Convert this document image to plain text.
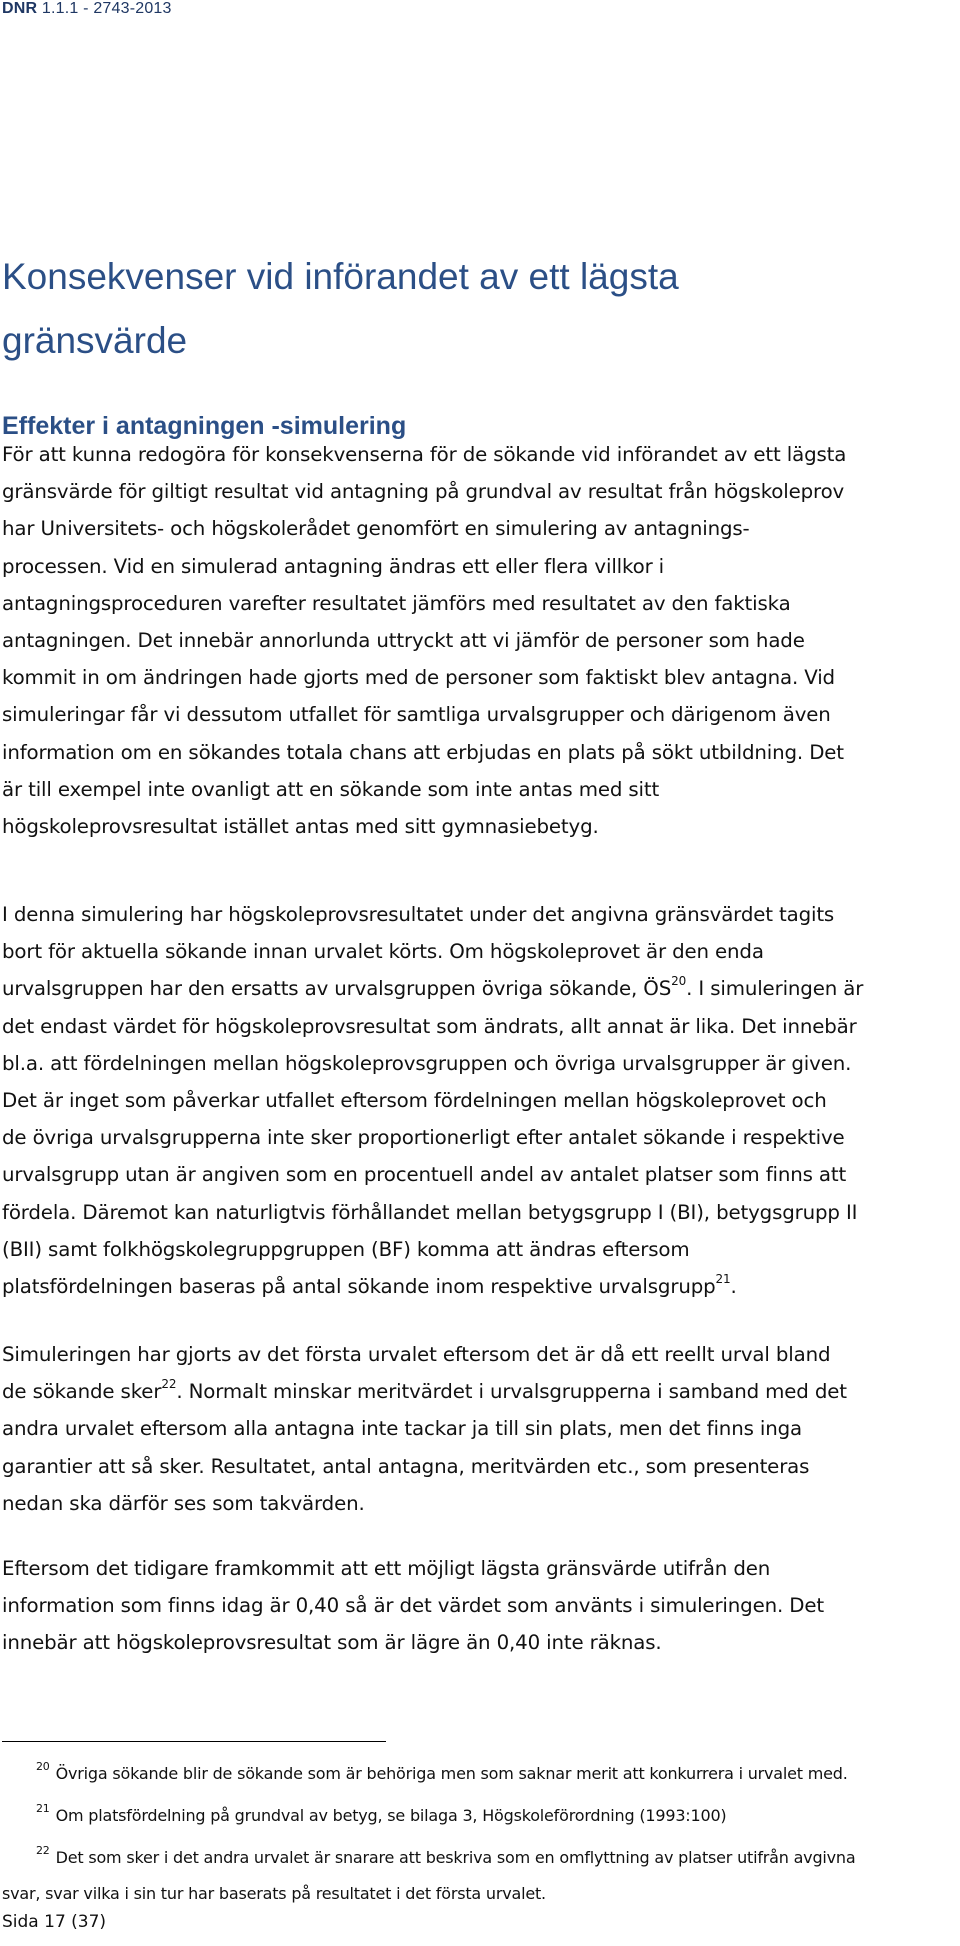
DNR 1.1.1 - 2743-2013
Konsekvenser vid införandet av ett lägsta
gränsvärde
Effekter i antagningen -simulering
För att kunna redogöra för konsekvenserna för de sökande vid införandet av ett lägsta
gränsvärde för giltigt resultat vid antagning på grundval av resultat från högskoleprov
har Universitets- och högskolerådet genomfört en simulering av antagnings-
processen. Vid en simulerad antagning ändras ett eller flera villkor i
antagningsproceduren varefter resultatet jämförs med resultatet av den faktiska
antagningen. Det innebär annorlunda uttryckt att vi jämför de personer som hade
kommit in om ändringen hade gjorts med de personer som faktiskt blev antagna. Vid
simuleringar får vi dessutom utfallet för samtliga urvalsgrupper och därigenom även
information om en sökandes totala chans att erbjudas en plats på sökt utbildning. Det
är till exempel inte ovanligt att en sökande som inte antas med sitt
högskoleprovsresultat istället antas med sitt gymnasiebetyg.
I denna simulering har högskoleprovsresultatet under det angivna gränsvärdet tagits
bort för aktuella sökande innan urvalet körts. Om högskoleprovet är den enda
urvalsgruppen har den ersatts av urvalsgruppen övriga sökande, ÖS$^{20}$. I simuleringen är
det endast värdet för högskoleprovsresultat som ändrats, allt annat är lika. Det innebär
bl.a. att fördelningen mellan högskoleprovsgruppen och övriga urvalsgrupper är given.
Det är inget som påverkar utfallet eftersom fördelningen mellan högskoleprovet och
de övriga urvalsgrupperna inte sker proportionerligt efter antalet sökande i respektive
urvalsgrupp utan är angiven som en procentuell andel av antalet platser som finns att
fördela. Däremot kan naturligtvis förhållandet mellan betygsgrupp I (BI), betygsgrupp II
(BII) samt folkhögskolegruppgruppen (BF) komma att ändras eftersom
platsfördelningen baseras på antal sökande inom respektive urvalsgrupp$^{21}$.
Simuleringen har gjorts av det första urvalet eftersom det är då ett reellt urval bland
de sökande sker$^{22}$. Normalt minskar meritvärdet i urvalsgrupperna i samband med det
andra urvalet eftersom alla antagna inte tackar ja till sin plats, men det finns inga
garantier att så sker. Resultatet, antal antagna, meritvärden etc., som presenteras
nedan ska därför ses som takvärden.
Eftersom det tidigare framkommit att ett möjligt lägsta gränsvärde utifrån den
information som finns idag är 0,40 så är det värdet som använts i simuleringen. Det
innebär att högskoleprovsresultat som är lägre än 0,40 inte räknas.
$^{20}$ Övriga sökande blir de sökande som är behöriga men som saknar merit att konkurrera i urvalet med.
$^{21}$ Om platsfördelning på grundval av betyg, se bilaga 3, Högskoleförordning (1993:100)
$^{22}$ Det som sker i det andra urvalet är snarare att beskriva som en omflyttning av platser utifrån avgivna
svar, svar vilka i sin tur har baserats på resultatet i det första urvalet.
Sida 17 (37)
